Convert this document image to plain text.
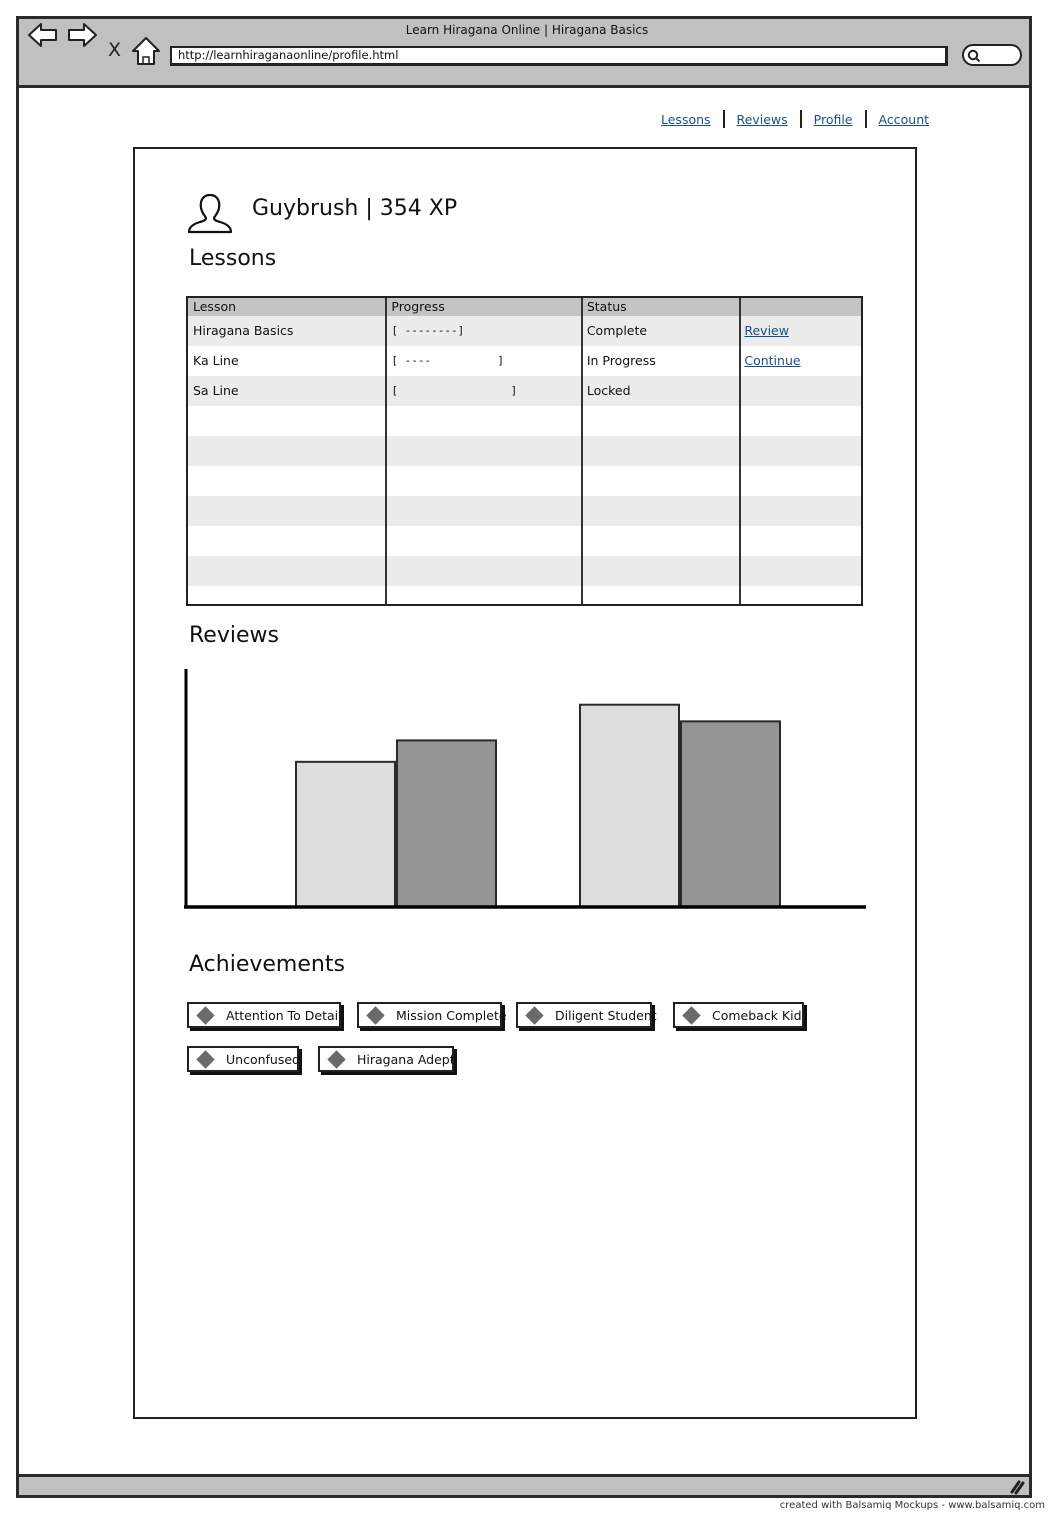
Learn Hiragana Online | Hiragana Basics
X	http://learnhiraganaonline/profile.html
Lessons	Reviews	Profile	Account
Guybrush | 354 XP
Lessons
Lesson	Progress	Status
Hiragana Basics	[ --------]	Complete	Review
Ka Line	[ ----          ]	In Progress	Continue
Sa Line	[                 ]	Locked
Reviews
Achievements
Attention To Detail	Mission Complete	Diligent Student	Comeback Kid
Unconfused	Hiragana Adept
created with Balsamiq Mockups - www.balsamiq.com
